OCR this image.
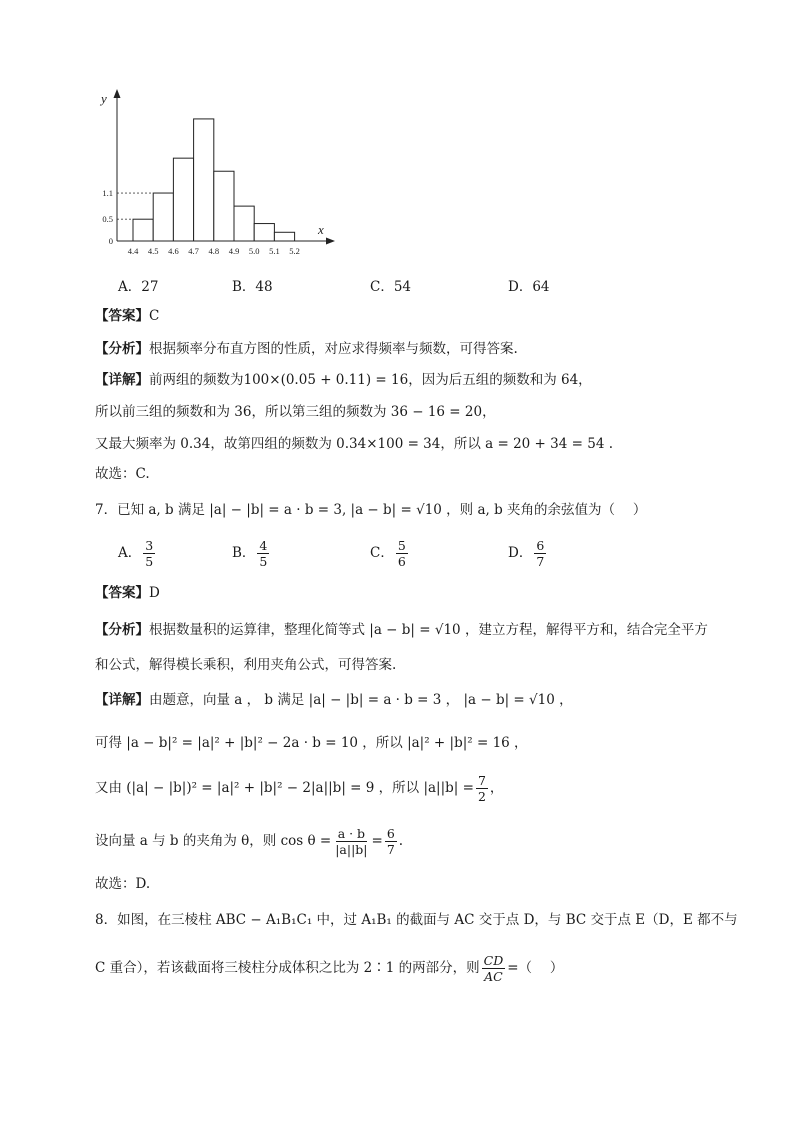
x
y
4.4 4.5 4.6 4.7 4.8 4.9 5.0 5.1 5.2
0
0.5
1.1
A．27	B．48	C．54	D．64
【答案】C
【分析】根据频率分布直方图的性质，对应求得频率与频数，可得答案.
【详解】前两组的频数为100×(0.05 + 0.11) = 16，因为后五组的频数和为 64，
所以前三组的频数和为 36，所以第三组的频数为 36 − 16 = 20，
又最大频率为 0.34，故第四组的频数为 0.34×100 = 34，所以 a = 20 + 34 = 54 .
故选：C.
7．已知 a, b 满足 |a| − |b| = a · b = 3, |a − b| = √10 ，则 a, b 夹角的余弦值为（　 ）
A． $\frac{3}{5}$	B． $\frac{4}{5}$	C． $\frac{5}{6}$	D． $\frac{6}{7}$
【答案】D
【分析】根据数量积的运算律，整理化简等式 |a − b| = √10 ，建立方程，解得平方和，结合完全平方
和公式，解得模长乘积，利用夹角公式，可得答案.
【详解】由题意，向量 a ， b 满足 |a| − |b| = a · b = 3 ， |a − b| = √10 ，
可得 |a − b|² = |a|² + |b|² − 2a · b = 10 ，所以 |a|² + |b|² = 16 ，
又由 (|a| − |b|)² = |a|² + |b|² − 2|a||b| = 9 ，所以 $|a||b| = \frac{7}{2}$ ，
设向量 a 与 b 的夹角为 θ，则 $\cos \theta = \frac{a \cdot b}{|a||b|} = \frac{6}{7}$ .
故选：D.
8．如图，在三棱柱 ABC − A₁B₁C₁ 中，过 A₁B₁ 的截面与 AC 交于点 D，与 BC 交于点 E（D，E 都不与
C 重合），若该截面将三棱柱分成体积之比为 2∶1 的两部分，则 $\frac{CD}{AC}$ =（　 ）
